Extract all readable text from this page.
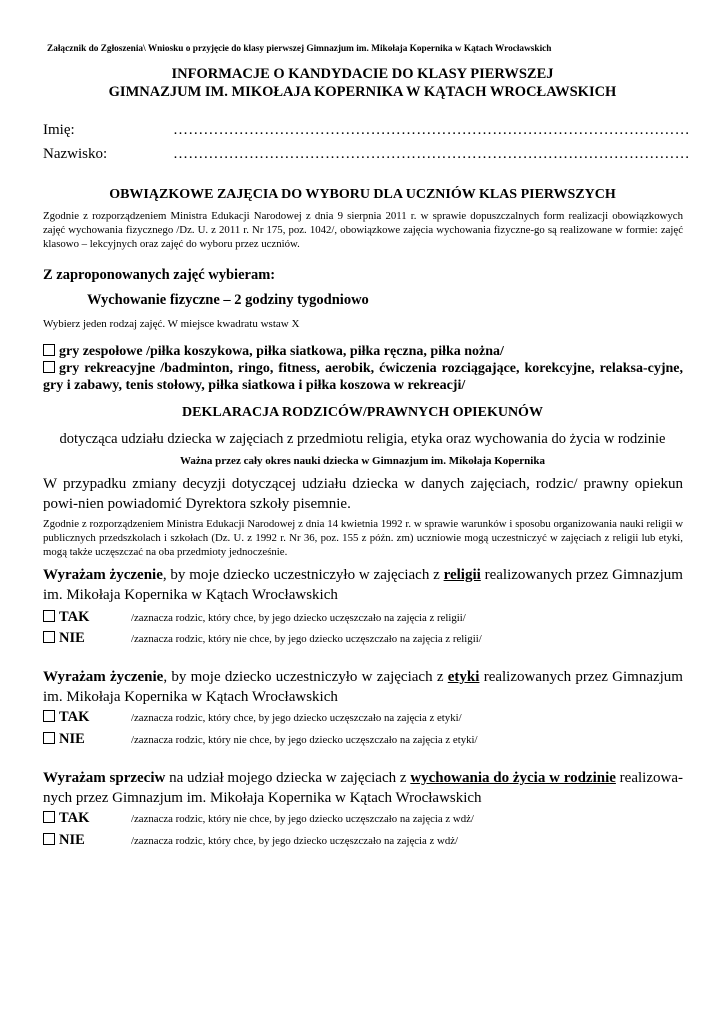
Załącznik do Zgłoszenia\ Wniosku o przyjęcie do klasy pierwszej Gimnazjum im. Mikołaja Kopernika w Kątach Wrocławskich
INFORMACJE O KANDYDACIE DO KLASY PIERWSZEJ
GIMNAZJUM IM. MIKOŁAJA KOPERNIKA W KĄTACH WROCŁAWSKICH
Imię:	…………………………………………………………………………………………
Nazwisko:	…………………………………………………………………………………………
OBWIĄZKOWE ZAJĘCIA DO WYBORU DLA UCZNIÓW KLAS PIERWSZYCH
Zgodnie z rozporządzeniem Ministra Edukacji Narodowej z dnia 9 sierpnia 2011 r. w sprawie dopuszczalnych form realizacji obowiązkowych zajęć wychowania fizycznego /Dz. U. z 2011 r. Nr 175, poz. 1042/, obowiązkowe zajęcia wychowania fizyczne-go są realizowane w formie: zajęć klasowo – lekcyjnych oraz zajęć do wyboru przez uczniów.
Z zaproponowanych zajęć wybieram:
Wychowanie fizyczne – 2 godziny tygodniowo
Wybierz jeden rodzaj zajęć. W miejsce kwadratu wstaw X
gry zespołowe /piłka koszykowa, piłka siatkowa, piłka ręczna, piłka nożna/
gry rekreacyjne /badminton, ringo, fitness, aerobik, ćwiczenia rozciągające, korekcyjne, relaksa-cyjne, gry i zabawy, tenis stołowy, piłka siatkowa i piłka koszowa w rekreacji/
DEKLARACJA RODZICÓW/PRAWNYCH OPIEKUNÓW
dotycząca udziału dziecka w zajęciach z przedmiotu religia, etyka oraz wychowania do życia w rodzinie
Ważna przez cały okres nauki dziecka w Gimnazjum im. Mikołaja Kopernika
W przypadku zmiany decyzji dotyczącej udziału dziecka w danych zajęciach, rodzic/ prawny opiekun powi-nien powiadomić Dyrektora szkoły pisemnie.
Zgodnie z rozporządzeniem Ministra Edukacji Narodowej z dnia 14 kwietnia 1992 r. w sprawie warunków i sposobu organizowania nauki religii w publicznych przedszkolach i szkołach (Dz. U. z 1992 r. Nr 36, poz. 155 z późn. zm) uczniowie mogą uczestniczyć w zajęciach z religii lub etyki, mogą także uczęszczać na oba przedmioty jednocześnie.
Wyrażam życzenie, by moje dziecko uczestniczyło w zajęciach z religii realizowanych przez Gimnazjum im. Mikołaja Kopernika w Kątach Wrocławskich
TAK	/zaznacza rodzic, który chce, by jego dziecko uczęszczało na zajęcia z religii/
NIE	/zaznacza rodzic, który nie chce, by jego dziecko uczęszczało na zajęcia z religii/
Wyrażam życzenie, by moje dziecko uczestniczyło w zajęciach z etyki realizowanych przez Gimnazjum im. Mikołaja Kopernika w Kątach Wrocławskich
TAK	/zaznacza rodzic, który chce, by jego dziecko uczęszczało na zajęcia z etyki/
NIE	/zaznacza rodzic, który nie chce, by jego dziecko uczęszczało na zajęcia z etyki/
Wyrażam sprzeciw na udział mojego dziecka w zajęciach z wychowania do życia w rodzinie realizowa-nych przez Gimnazjum im. Mikołaja Kopernika w Kątach Wrocławskich
TAK	/zaznacza rodzic, który nie chce, by jego dziecko uczęszczało na zajęcia z wdż/
NIE	/zaznacza rodzic, który chce, by jego dziecko uczęszczało na zajęcia z wdż/
